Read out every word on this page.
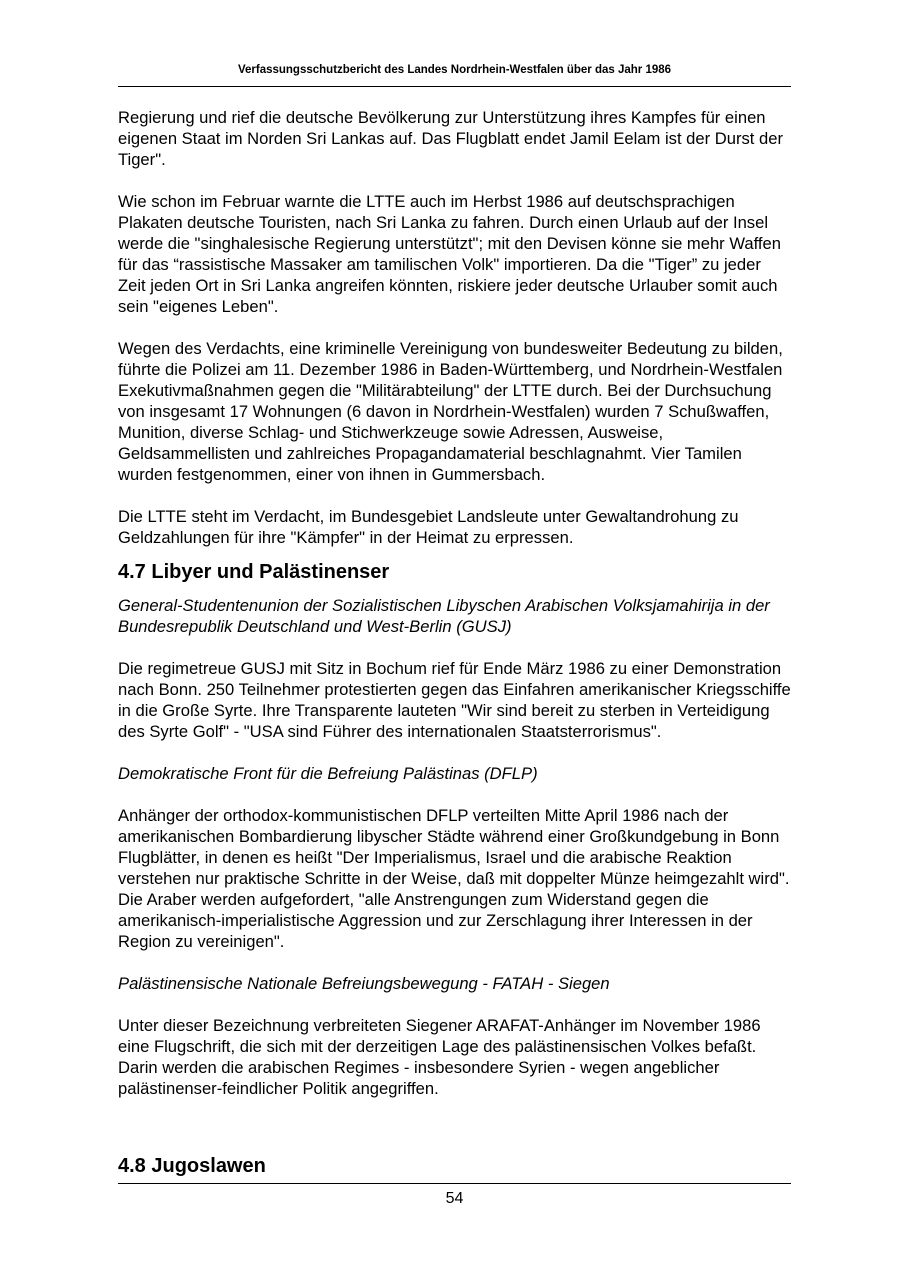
Verfassungsschutzbericht des Landes Nordrhein-Westfalen über das Jahr 1986

Regierung und rief die deutsche Bevölkerung zur Unterstützung ihres Kampfes für einen eigenen Staat im Norden Sri Lankas auf. Das Flugblatt endet Jamil Eelam ist der Durst der Tiger".

Wie schon im Februar warnte die LTTE auch im Herbst 1986 auf deutschsprachigen Plakaten deutsche Touristen, nach Sri Lanka zu fahren. Durch einen Urlaub auf der Insel werde die "singhalesische Regierung unterstützt"; mit den Devisen könne sie mehr Waffen für das “rassistische Massaker am tamilischen Volk" importieren. Da die "Tiger” zu jeder Zeit jeden Ort in Sri Lanka angreifen könnten, riskiere jeder deutsche Urlauber somit auch sein "eigenes Leben".

Wegen des Verdachts, eine kriminelle Vereinigung von bundesweiter Bedeutung zu bilden, führte die Polizei am 11. Dezember 1986 in Baden-Württemberg, und Nordrhein-Westfalen Exekutivmaßnahmen gegen die "Militärabteilung" der LTTE durch. Bei der Durchsuchung von insgesamt 17 Wohnungen (6 davon in Nordrhein-Westfalen) wurden 7 Schußwaffen, Munition, diverse Schlag- und Stichwerkzeuge sowie Adressen, Ausweise, Geldsammellisten und zahlreiches Propagandamaterial beschlagnahmt. Vier Tamilen wurden festgenommen, einer von ihnen in Gummersbach.

Die LTTE steht im Verdacht, im Bundesgebiet Landsleute unter Gewaltandrohung zu Geldzahlungen für ihre "Kämpfer" in der Heimat zu erpressen.

4.7 Libyer und Palästinenser

General-Studentenunion der Sozialistischen Libyschen Arabischen Volksjamahirija in der Bundesrepublik Deutschland und West-Berlin (GUSJ)

Die regimetreue GUSJ mit Sitz in Bochum rief für Ende März 1986 zu einer Demonstration nach Bonn. 250 Teilnehmer protestierten gegen das Einfahren amerikanischer Kriegsschiffe in die Große Syrte. Ihre Transparente lauteten "Wir sind bereit zu sterben in Verteidigung des Syrte Golf" - "USA sind Führer des internationalen Staatsterrorismus".

Demokratische Front für die Befreiung Palästinas (DFLP)

Anhänger der orthodox-kommunistischen DFLP verteilten Mitte April 1986 nach der amerikanischen Bombardierung libyscher Städte während einer Großkundgebung in Bonn Flugblätter, in denen es heißt "Der Imperialismus, Israel und die arabische Reaktion verstehen nur praktische Schritte in der Weise, daß mit doppelter Münze heimgezahlt wird". Die Araber werden aufgefordert, "alle Anstrengungen zum Widerstand gegen die amerikanisch-imperialistische Aggression und zur Zerschlagung ihrer Interessen in der Region zu vereinigen".

Palästinensische Nationale Befreiungsbewegung - FATAH - Siegen

Unter dieser Bezeichnung verbreiteten Siegener ARAFAT-Anhänger im November 1986 eine Flugschrift, die sich mit der derzeitigen Lage des palästinensischen Volkes befaßt. Darin werden die arabischen Regimes - insbesondere Syrien - wegen angeblicher palästinenser-feindlicher Politik angegriffen.

4.8 Jugoslawen
54
